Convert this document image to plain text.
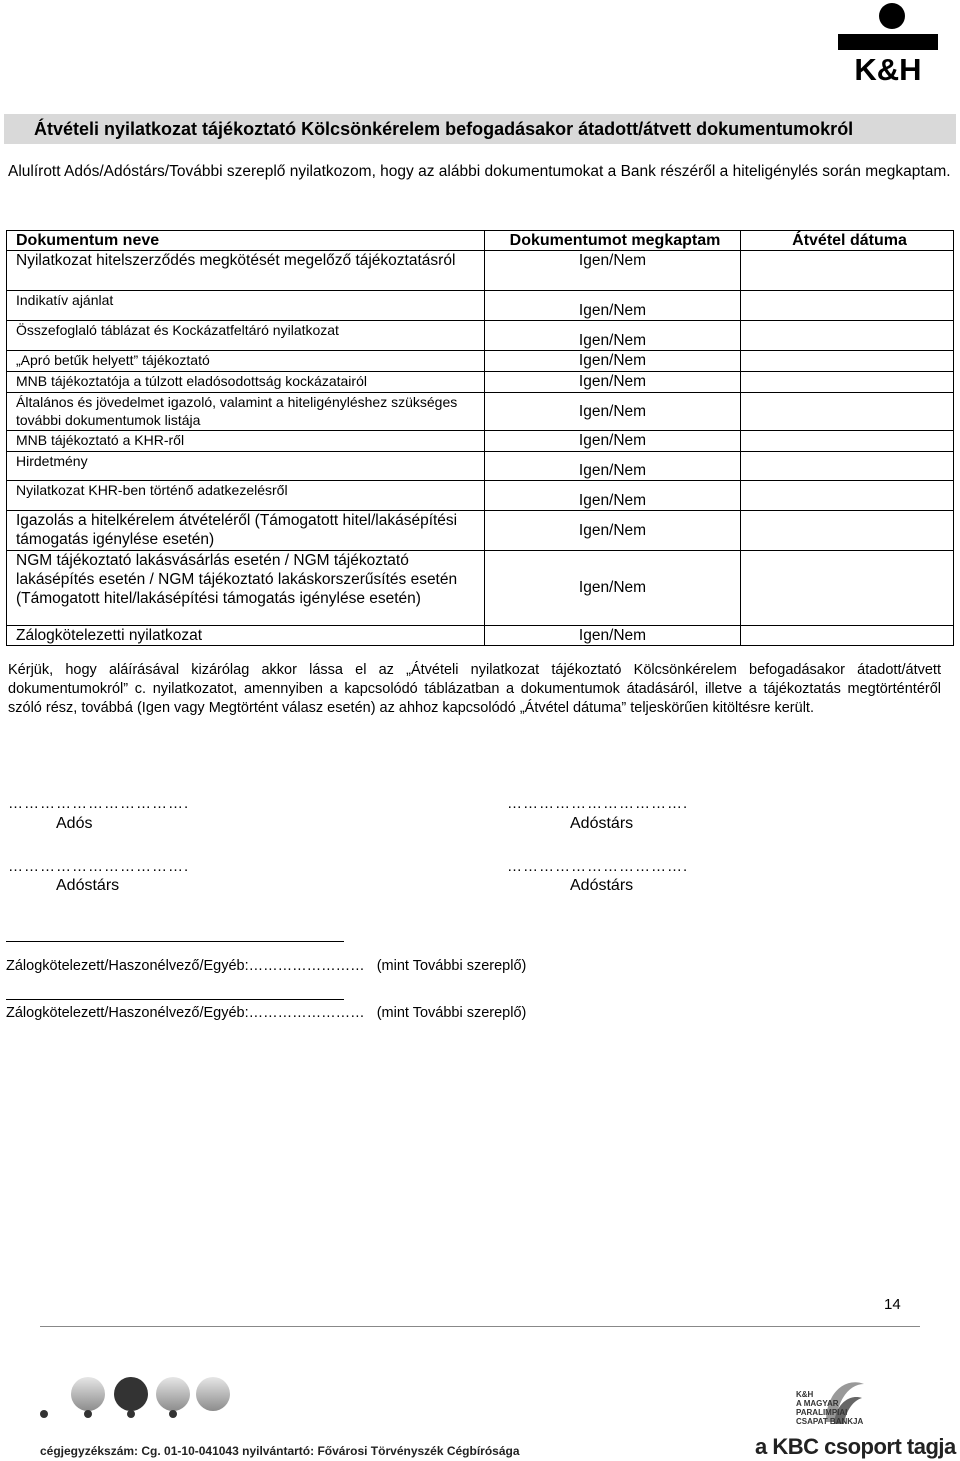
K&H
Átvételi nyilatkozat tájékoztató Kölcsönkérelem befogadásakor átadott/átvett dokumentumokról
Alulírott Adós/Adóstárs/További szereplő nyilatkozom, hogy az alábbi dokumentumokat a Bank részéről a hiteligénylés során megkaptam.
Dokumentum neve	Dokumentumot megkaptam	Átvétel dátuma
Nyilatkozat hitelszerződés megkötését megelőző tájékoztatásról	Igen/Nem	
Indikatív ajánlat	Igen/Nem	
Összefoglaló táblázat és Kockázatfeltáró nyilatkozat	Igen/Nem	
„Apró betűk helyett” tájékoztató	Igen/Nem	
MNB tájékoztatója a túlzott eladósodottság kockázatairól	Igen/Nem	
Általános és jövedelmet igazoló, valamint a hiteligényléshez szükséges további dokumentumok listája	Igen/Nem	
MNB tájékoztató a KHR-ről	Igen/Nem	
Hirdetmény	Igen/Nem	
Nyilatkozat KHR-ben történő adatkezelésről	Igen/Nem	
Igazolás a hitelkérelem átvételéről (Támogatott hitel/lakásépítési támogatás igénylése esetén)	Igen/Nem	
NGM tájékoztató lakásvásárlás esetén / NGM tájékoztató lakásépítés esetén / NGM tájékoztató lakáskorszerűsítés esetén (Támogatott hitel/lakásépítési támogatás igénylése esetén)	Igen/Nem	
Zálogkötelezetti nyilatkozat	Igen/Nem	
Kérjük, hogy aláírásával kizárólag akkor lássa el az „Átvételi nyilatkozat tájékoztató Kölcsönkérelem befogadásakor átadott/átvett dokumentumokról” c. nyilatkozatot, amennyiben a kapcsolódó táblázatban a dokumentumok átadásáról, illetve a tájékoztatás megtörténtéről szóló rész, továbbá (Igen vagy Megtörtént válasz esetén) az ahhoz kapcsolódó „Átvétel dátuma” teljeskörűen kitöltésre került.
…………………………….
Adós
…………………………….
Adóstárs
…………………………….
Adóstárs
…………………………….
Adóstárs
Zálogkötelezett/Haszonélvező/Egyéb:…………………… (mint További szereplő)
Zálogkötelezett/Haszonélvező/Egyéb:…………………… (mint További szereplő)
14
K&H
A MAGYAR
PARALIMPIAI
CSAPAT BANKJA
cégjegyzékszám: Cg. 01-10-041043 nyilvántartó: Fővárosi Törvényszék Cégbírósága	a KBC csoport tagja
